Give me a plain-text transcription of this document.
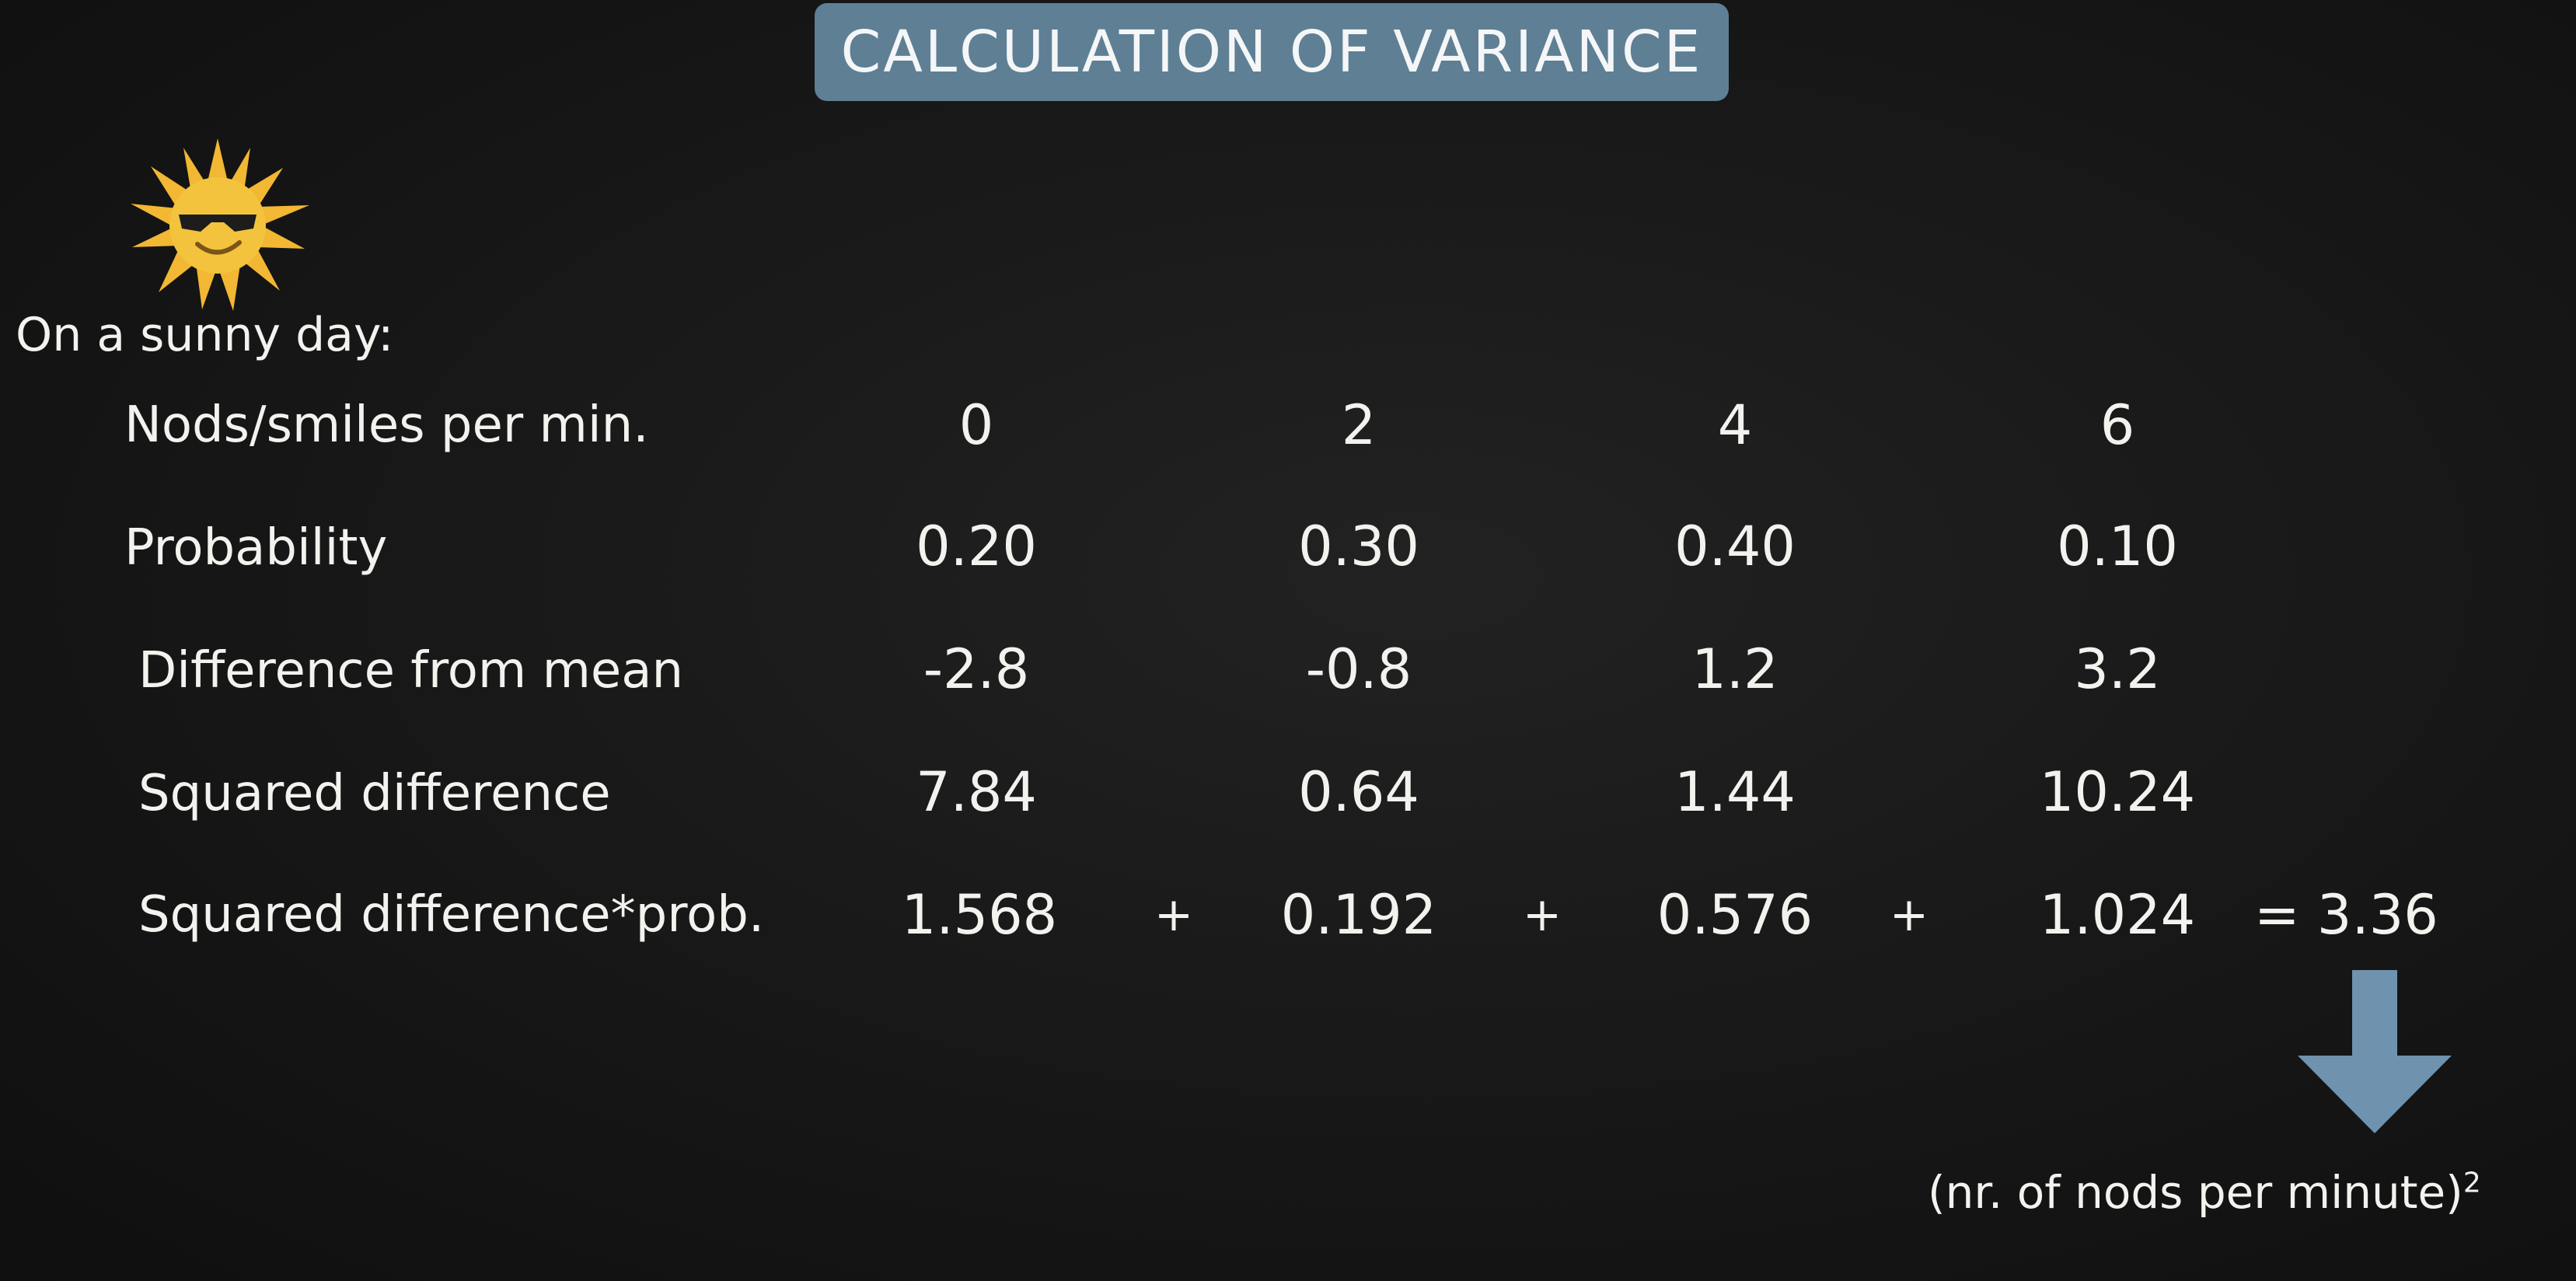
CALCULATION OF VARIANCE
On a sunny day:
Nods/smiles per min.	0	2	4	6
Probability	0.20	0.30	0.40	0.10
Difference from mean	-2.8	-0.8	1.2	3.2
Squared difference	7.84	0.64	1.44	10.24
Squared difference*prob.	1.568	+	0.192	+	0.576	+	1.024	= 3.36
(nr. of nods per minute)$^2$
